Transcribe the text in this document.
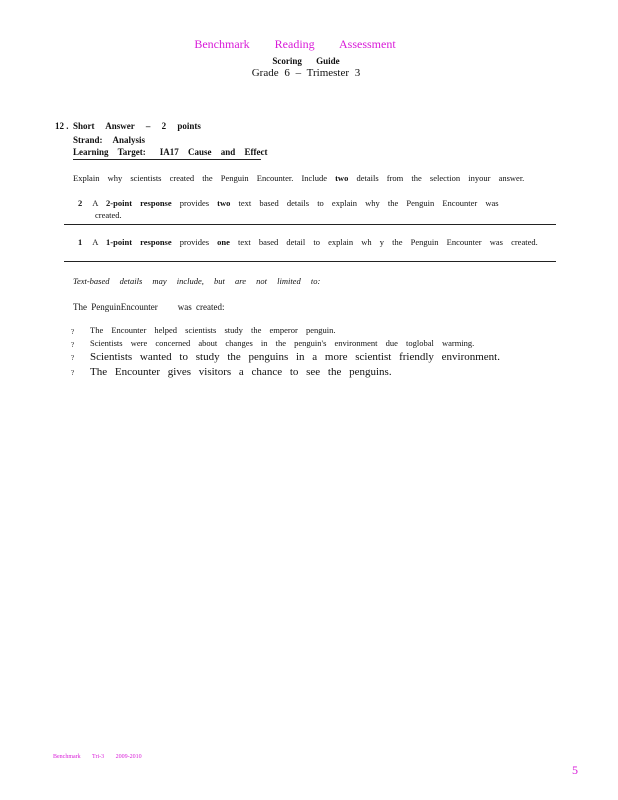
Benchmark Reading Assessment
Scoring Guide
Grade 6 – Trimester 3
12 . Short Answer – 2 points
Strand: Analysis
Learning Target: IA17 Cause and Effect
Explain why scientists created the Penguin Encounter. Include two details from the selection inyour answer.
2 A 2-point response provides two text based details to explain why the Penguin Encounter was
created.
1 A 1-point response provides one text based detail to explain wh y the Penguin Encounter was created.
Text-based details may include, but are not limited to:
The PenguinEncounter was created:
? The Encounter helped scientists study the emperor penguin.
? Scientists were concerned about changes in the penguin's environment due toglobal warming.
? Scientists wanted to study the penguins in a more scientist friendly environment.
? The Encounter gives visitors a chance to see the penguins.
Benchmark Tri-3 2009-2010
5
